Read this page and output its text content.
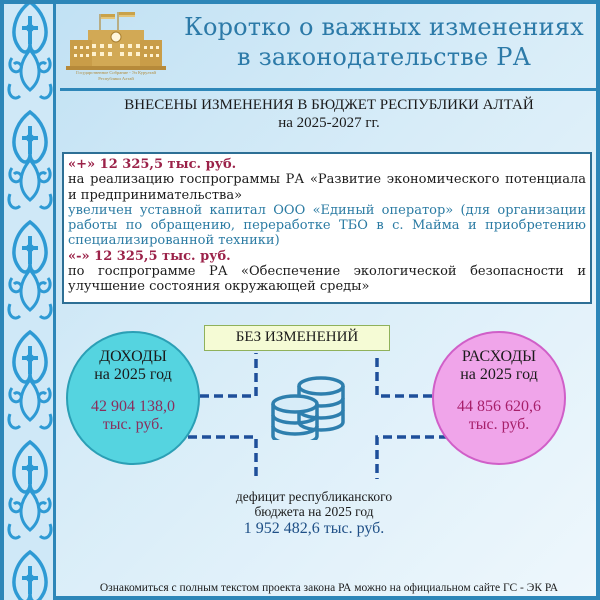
Государственное Собрание - Эл Курултай
Республики Алтай
Коротко о важных изменениях
в законодательстве РА
ВНЕСЕНЫ ИЗМЕНЕНИЯ В БЮДЖЕТ РЕСПУБЛИКИ АЛТАЙ
на 2025-2027 гг.
«+» 12 325,5 тыс. руб.
на реализацию госпрограммы РА «Развитие экономического потенциала и предпринимательства»
увеличен уставной капитал ООО «Единый оператор» (для организации работы по обращению, переработке ТБО в с. Майма и приобретению специализированной техники)
«-» 12 325,5 тыс. руб.
по госпрограмме РА «Обеспечение экологической безопасности и улучшение состояния окружающей среды»
БЕЗ ИЗМЕНЕНИЙ
ДОХОДЫ
на 2025 год
42 904 138,0
тыс. руб.
РАСХОДЫ
на 2025 год
44 856 620,6
тыс. руб.
дефицит республиканского
бюджета на 2025 год
1 952 482,6 тыс. руб.
Ознакомиться с полным текстом проекта закона РА можно на официальном сайте ГС - ЭК РА
